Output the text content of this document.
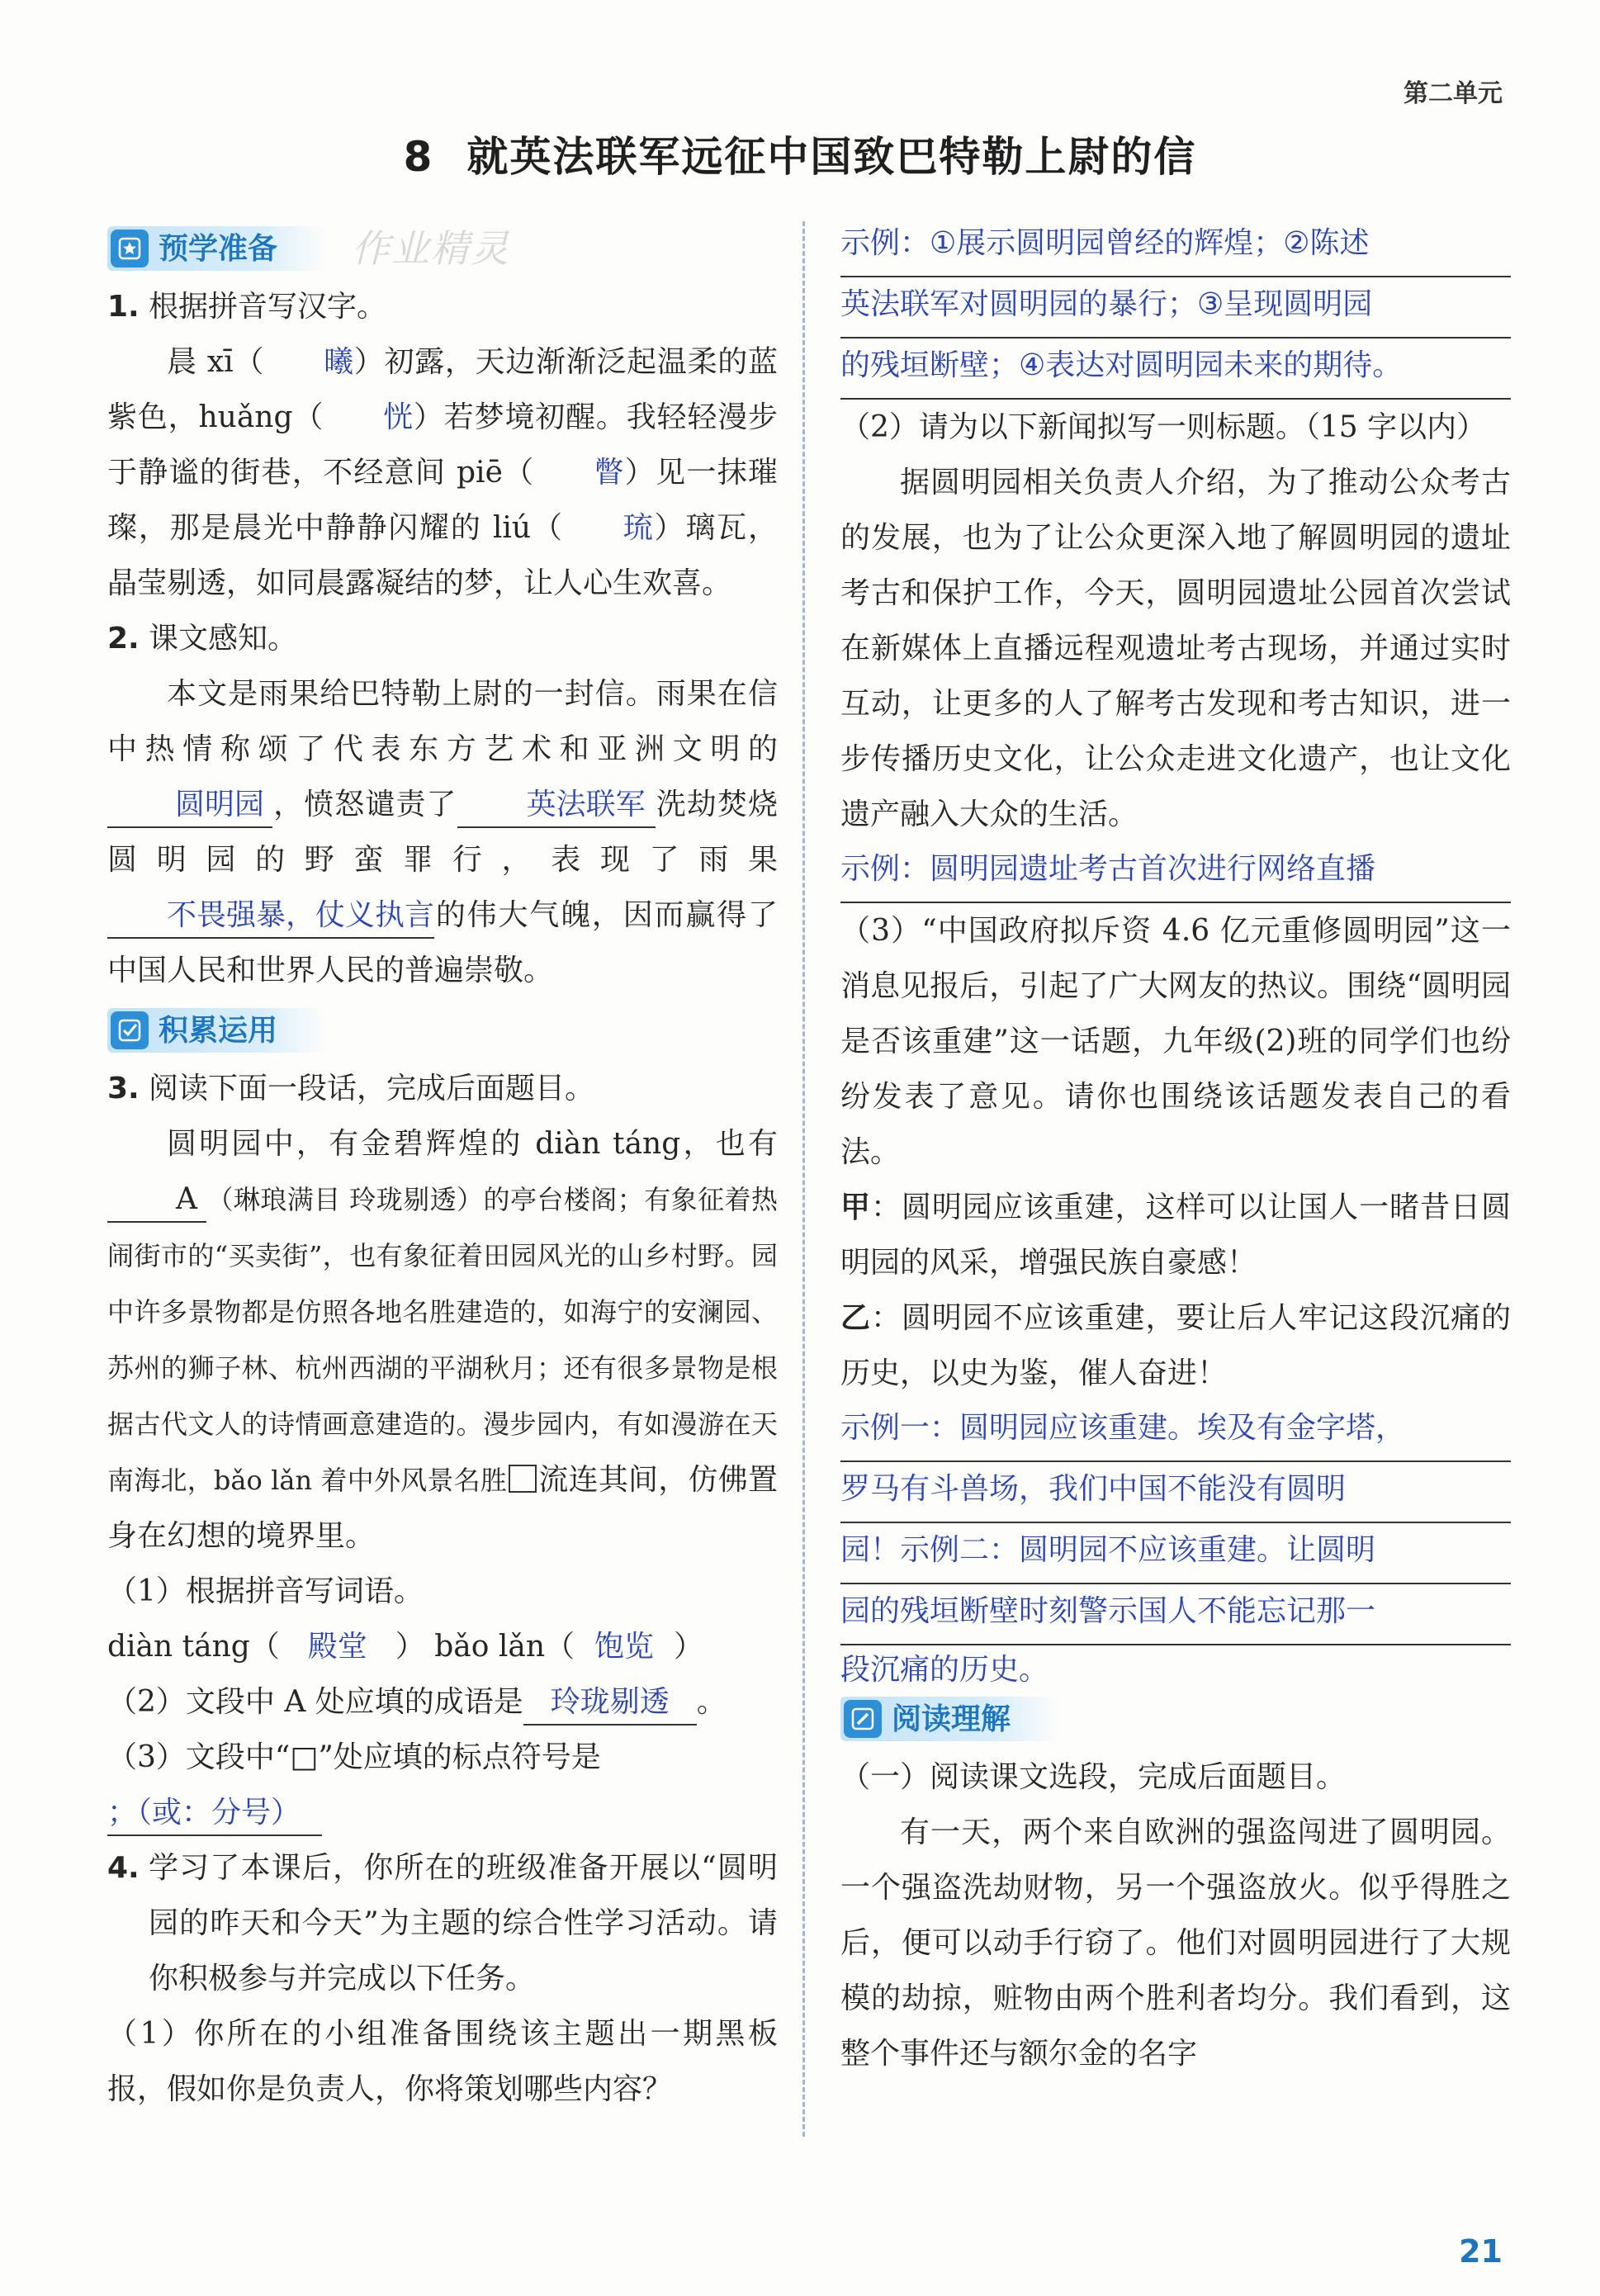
第二单元
8 就英法联军远征中国致巴特勒上尉的信
预学准备 作业精灵
1. 根据拼音写汉字。

晨 xī（ 曦）初露，天边渐渐泛起温柔的蓝紫色，huǎng（ 恍）若梦境初醒。我轻轻漫步于静谧的街巷，不经意间 piē（ 瞥）见一抹璀璨，那是晨光中静静闪耀的 liú（ 琉）璃瓦，晶莹剔透，如同晨露凝结的梦，让人心生欢喜。

2. 课文感知。

本文是雨果给巴特勒上尉的一封信。雨果在信中热情称颂了代表东方艺术和亚洲文明的圆明园 ，愤怒谴责了 英法联军 洗劫焚烧圆明园的野蛮罪行，表现了雨果不畏强暴，仗义执言的伟大气魄，因而赢得了中国人民和世界人民的普遍崇敬。

积累运用
3. 阅读下面一段话，完成后面题目。

圆明园中，有金碧辉煌的 diàn táng，也有A （琳琅满目 玲珑剔透）的亭台楼阁；有象征着热闹街市的“买卖街”，也有象征着田园风光的山乡村野。园中许多景物都是仿照各地名胜建造的，如海宁的安澜园、苏州的狮子林、杭州西湖的平湖秋月；还有很多景物是根据古代文人的诗情画意建造的。漫步园内，有如漫游在天南海北，bǎo lǎn 着中外风景名胜 流连其间，仿佛置身在幻想的境界里。

（1）根据拼音写词语。

diàn táng（ 殿堂 ） bǎo lǎn（ 饱览 ）

（2）文段中 A 处应填的成语是 玲珑剔透 。

（3）文段中“□”处应填的标点符号是

；（或：分号）

4. 学习了本课后，你所在的班级准备开展以“圆明园的昨天和今天”为主题的综合性学习活动。请你积极参与并完成以下任务。

（1）你所在的小组准备围绕该主题出一期黑板报，假如你是负责人，你将策划哪些内容？

示例：①展示圆明园曾经的辉煌；②陈述
英法联军对圆明园的暴行；③呈现圆明园
的残垣断壁；④表达对圆明园未来的期待。

（2）请为以下新闻拟写一则标题。（15 字以内）

据圆明园相关负责人介绍，为了推动公众考古的发展，也为了让公众更深入地了解圆明园的遗址考古和保护工作，今天，圆明园遗址公园首次尝试在新媒体上直播远程观遗址考古现场，并通过实时互动，让更多的人了解考古发现和考古知识，进一步传播历史文化，让公众走进文化遗产，也让文化遗产融入大众的生活。

示例：圆明园遗址考古首次进行网络直播

（3）“中国政府拟斥资 4.6 亿元重修圆明园”这一消息见报后，引起了广大网友的热议。围绕“圆明园是否该重建”这一话题，九年级(2)班的同学们也纷纷发表了意见。请你也围绕该话题发表自己的看法。

甲：圆明园应该重建，这样可以让国人一睹昔日圆明园的风采，增强民族自豪感！

乙：圆明园不应该重建，要让后人牢记这段沉痛的历史，以史为鉴，催人奋进！

示例一：圆明园应该重建。埃及有金字塔，
罗马有斗兽场，我们中国不能没有圆明
园！示例二：圆明园不应该重建。让圆明
园的残垣断壁时刻警示国人不能忘记那一
段沉痛的历史。
阅读理解

（一）阅读课文选段，完成后面题目。

有一天，两个来自欧洲的强盗闯进了圆明园。一个强盗洗劫财物，另一个强盗放火。似乎得胜之后，便可以动手行窃了。他们对圆明园进行了大规模的劫掠，赃物由两个胜利者均分。我们看到，这整个事件还与额尔金的名字

21
